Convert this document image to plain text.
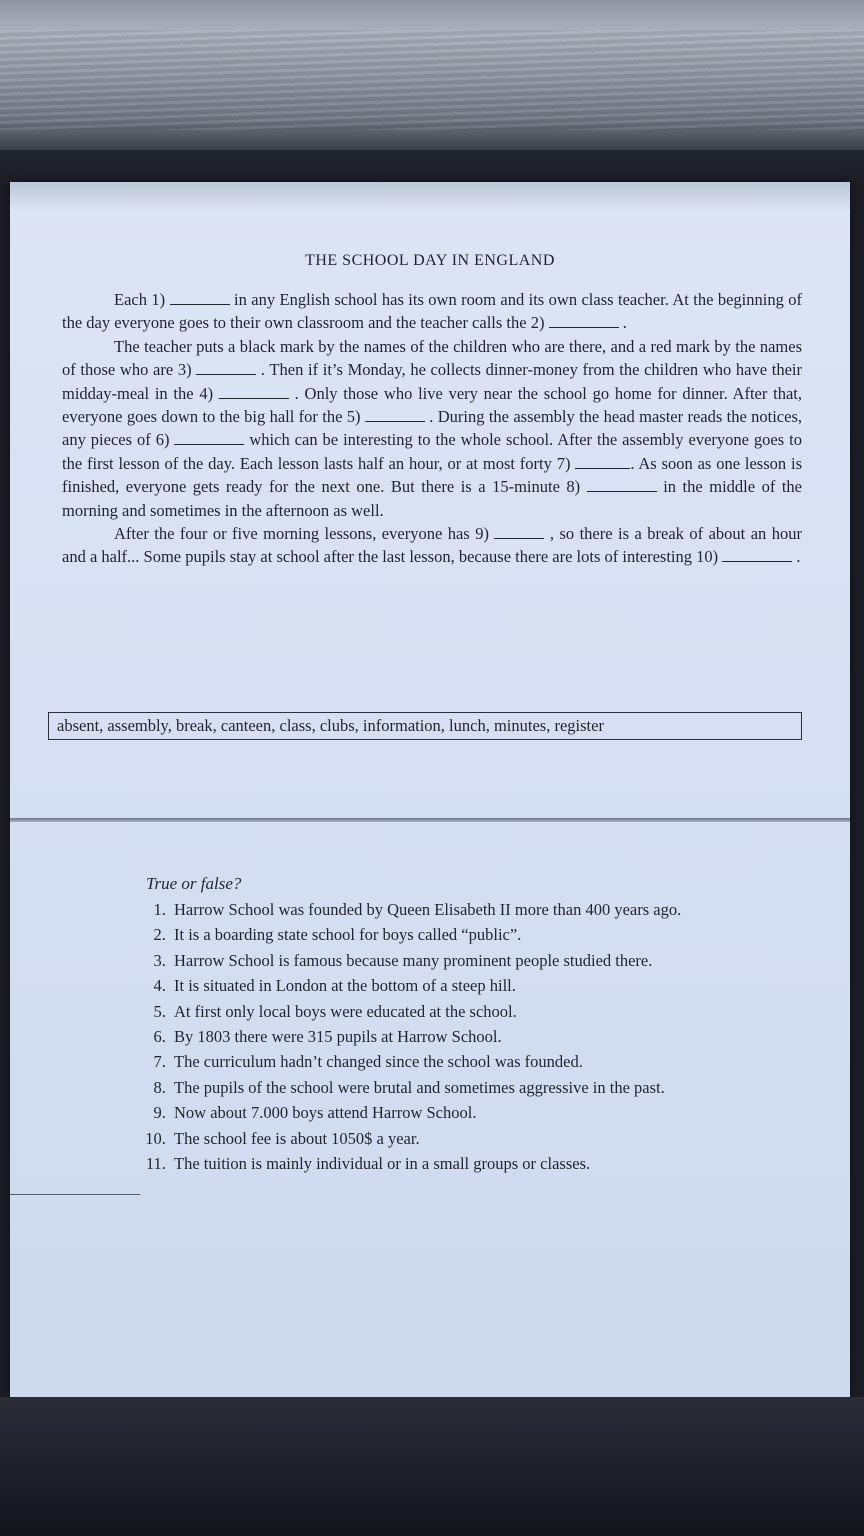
THE SCHOOL DAY IN ENGLAND

Each 1)	in any English school has its own room and its own class teacher. At the beginning of the day everyone goes to their own classroom and the teacher calls the 2)	.

The teacher puts a black mark by the names of the children who are there, and a red mark by the names of those who are 3)	. Then if it’s Monday, he collects dinner-money from the children who have their midday-meal in the 4)	. Only those who live very near the school go home for dinner. After that, everyone goes down to the big hall for the 5)	. During the assembly the head master reads the notices, any pieces of 6)	which can be interesting to the whole school. After the assembly everyone goes to the first lesson of the day. Each lesson lasts half an hour, or at most forty 7)	. As soon as one lesson is finished, everyone gets ready for the next one. But there is a 15-minute 8)	in the middle of the morning and sometimes in the afternoon as well.

After the four or five morning lessons, everyone has 9)	, so there is a break of about an hour and a half... Some pupils stay at school after the last lesson, because there are lots of interesting 10)	.

absent, assembly, break, canteen, class, clubs, information, lunch, minutes, register
True or false?
1. Harrow School was founded by Queen Elisabeth II more than 400 years ago.
2. It is a boarding state school for boys called “public”.
3. Harrow School is famous because many prominent people studied there.
4. It is situated in London at the bottom of a steep hill.
5. At first only local boys were educated at the school.
6. By 1803 there were 315 pupils at Harrow School.
7. The curriculum hadn’t changed since the school was founded.
8. The pupils of the school were brutal and sometimes aggressive in the past.
9. Now about 7.000 boys attend Harrow School.
10. The school fee is about 1050$ a year.
11. The tuition is mainly individual or in a small groups or classes.
